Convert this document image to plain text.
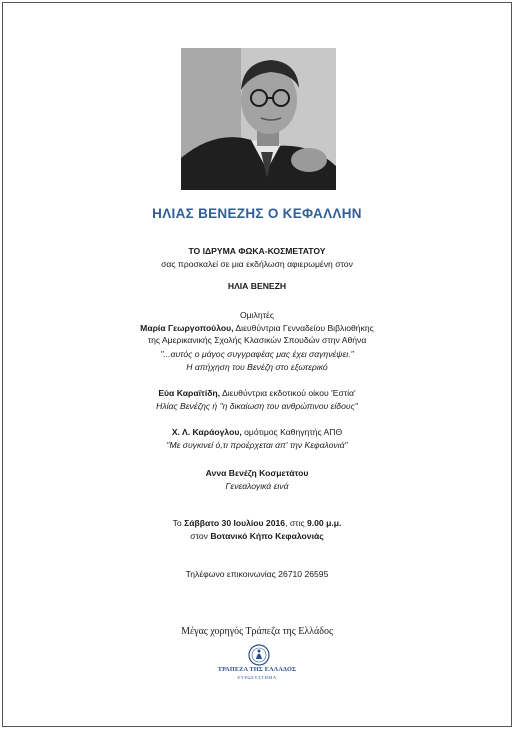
ΗΛΙΑΣ ΒΕΝΕΖΗΣ Ο ΚΕΦΑΛΛΗΝ
ΤΟ ΙΔΡΥΜΑ ΦΩΚΑ-ΚΟΣΜΕΤΑΤΟΥ
σας προσκαλεί σε μια εκδήλωση αφιερωμένη στον
ΗΛΙΑ ΒΕΝΕΖΗ
Ομιλητές
Μαρία Γεωργοπούλου, Διευθύντρια Γενναδείου Βιβλιοθήκης
της Αμερικανικής Σχολής Κλασικών Σπουδών στην Αθήνα
"...αυτός ο μάγος συγγραφέας μας έχει σαγηνέψει."
Η απήχηση του Βενέζη στο εξωτερικό
Εύα Καραϊτίδη, Διευθύντρια εκδοτικού οίκου 'Εστία'
Ηλίας Βενέζης ή "η δικαίωση του ανθρώπινου είδους"
Χ. Λ. Καράογλου, ομότιμος Καθηγητής ΑΠΘ
"Με συγκινεί ό,τι προέρχεται απ' την Κεφαλονιά"
Αννα Βενέζη Κοσμετάτου
Γενεαλογικά εινά
Το Σάββατο 30 Ιουλίου 2016, στις 9.00 μ.μ.
στον Βοτανικό Κήπο Κεφαλονιάς
Τηλέφωνο επικοινωνίας 26710 26595
Μέγας χορηγός Τράπεζα της Ελλάδος
ΤΡΑΠΕΖΑ ΤΗΣ ΕΛΛΑΔΟΣ
ΕΥΡΩΣΥΣΤΗΜΑ
